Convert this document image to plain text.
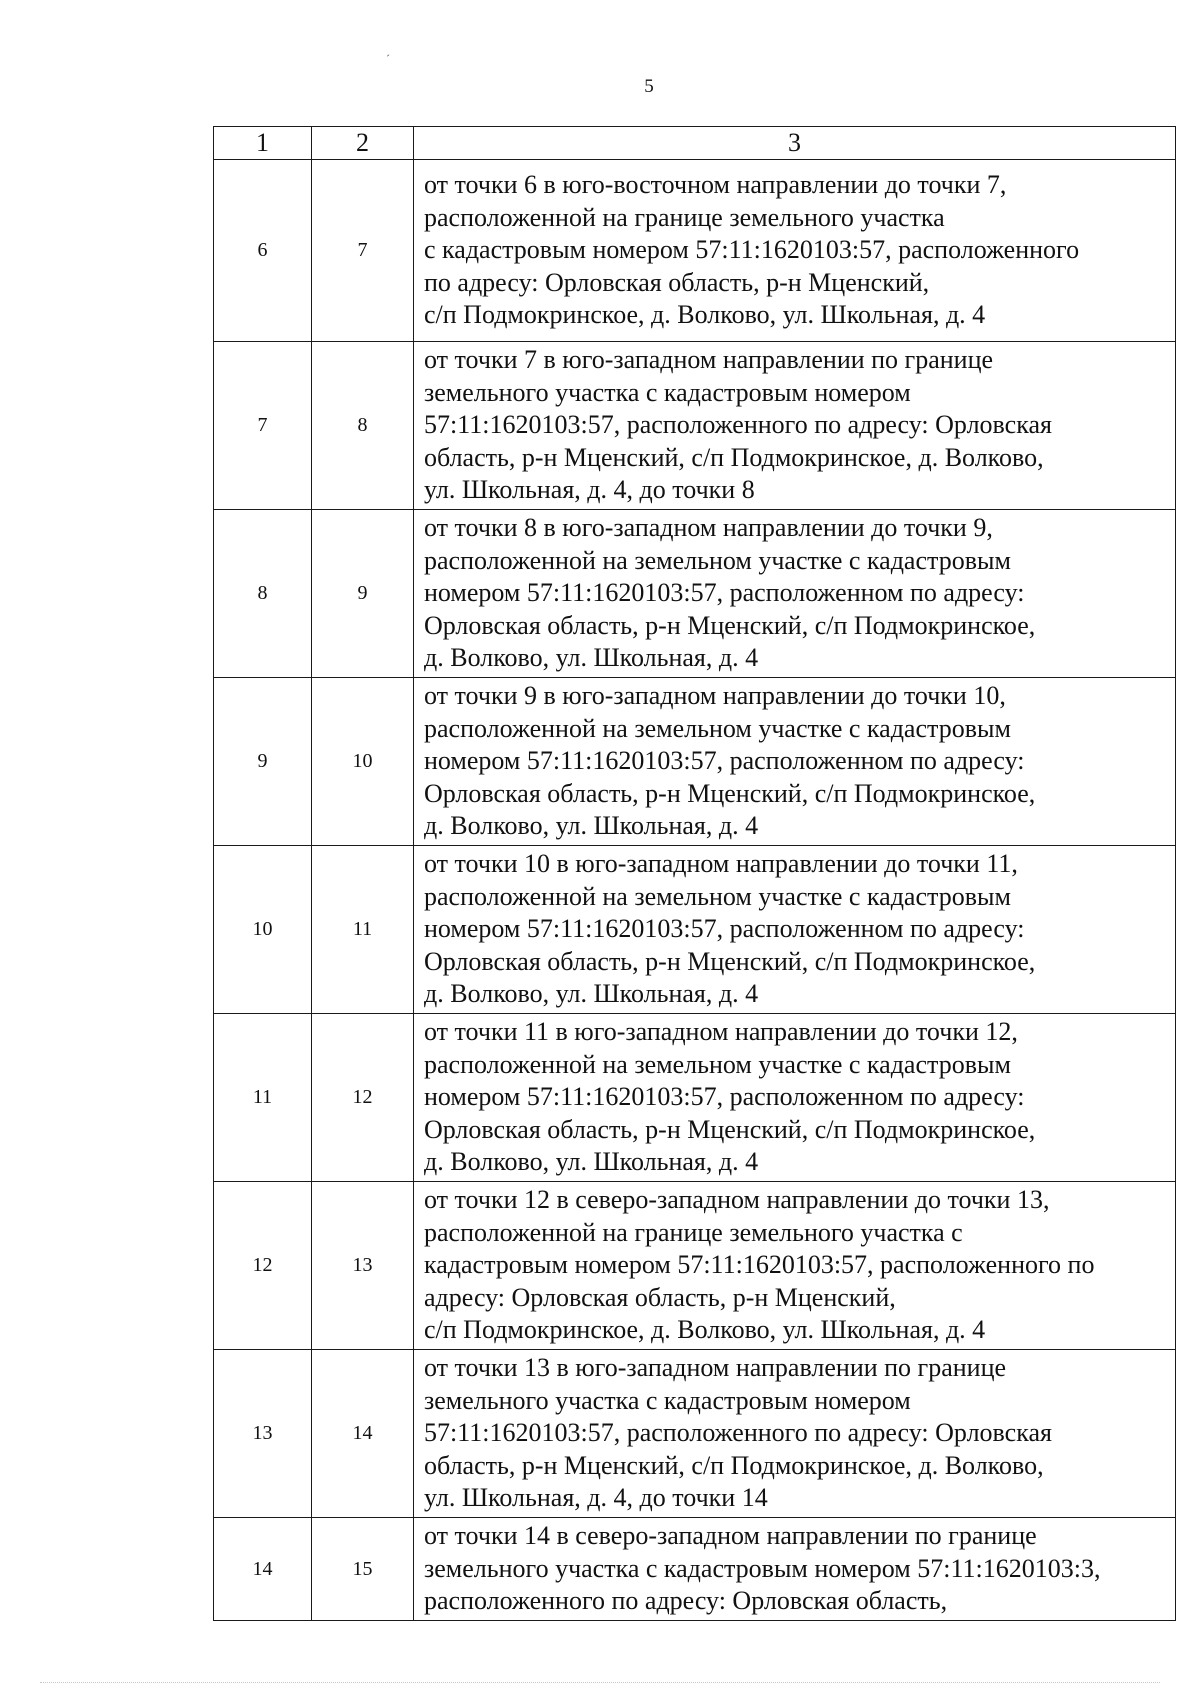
ˊ
5
1	2	3
6	7	от точки 6 в юго-восточном направлении до точки 7,
расположенной на границе земельного участка
с кадастровым номером 57:11:1620103:57, расположенного
по адресу: Орловская область, р-н Мценский,
с/п Подмокринское, д. Волково, ул. Школьная, д. 4

7	8	от точки 7 в юго-западном направлении по границе
земельного участка с кадастровым номером
57:11:1620103:57, расположенного по адресу: Орловская
область, р-н Мценский, с/п Подмокринское, д. Волково,
ул. Школьная, д. 4, до точки 8

8	9	от точки 8 в юго-западном направлении до точки 9,
расположенной на земельном участке с кадастровым
номером 57:11:1620103:57, расположенном по адресу:
Орловская область, р-н Мценский, с/п Подмокринское,
д. Волково, ул. Школьная, д. 4

9	10	от точки 9 в юго-западном направлении до точки 10,
расположенной на земельном участке с кадастровым
номером 57:11:1620103:57, расположенном по адресу:
Орловская область, р-н Мценский, с/п Подмокринское,
д. Волково, ул. Школьная, д. 4

10	11	от точки 10 в юго-западном направлении до точки 11,
расположенной на земельном участке с кадастровым
номером 57:11:1620103:57, расположенном по адресу:
Орловская область, р-н Мценский, с/п Подмокринское,
д. Волково, ул. Школьная, д. 4

11	12	от точки 11 в юго-западном направлении до точки 12,
расположенной на земельном участке с кадастровым
номером 57:11:1620103:57, расположенном по адресу:
Орловская область, р-н Мценский, с/п Подмокринское,
д. Волково, ул. Школьная, д. 4

12	13	от точки 12 в северо-западном направлении до точки 13,
расположенной на границе земельного участка с
кадастровым номером 57:11:1620103:57, расположенного по
адресу: Орловская область, р-н Мценский,
с/п Подмокринское, д. Волково, ул. Школьная, д. 4

13	14	от точки 13 в юго-западном направлении по границе
земельного участка с кадастровым номером
57:11:1620103:57, расположенного по адресу: Орловская
область, р-н Мценский, с/п Подмокринское, д. Волково,
ул. Школьная, д. 4, до точки 14

14	15	от точки 14 в северо-западном направлении по границе
земельного участка с кадастровым номером 57:11:1620103:3,
расположенного по адресу: Орловская область,
